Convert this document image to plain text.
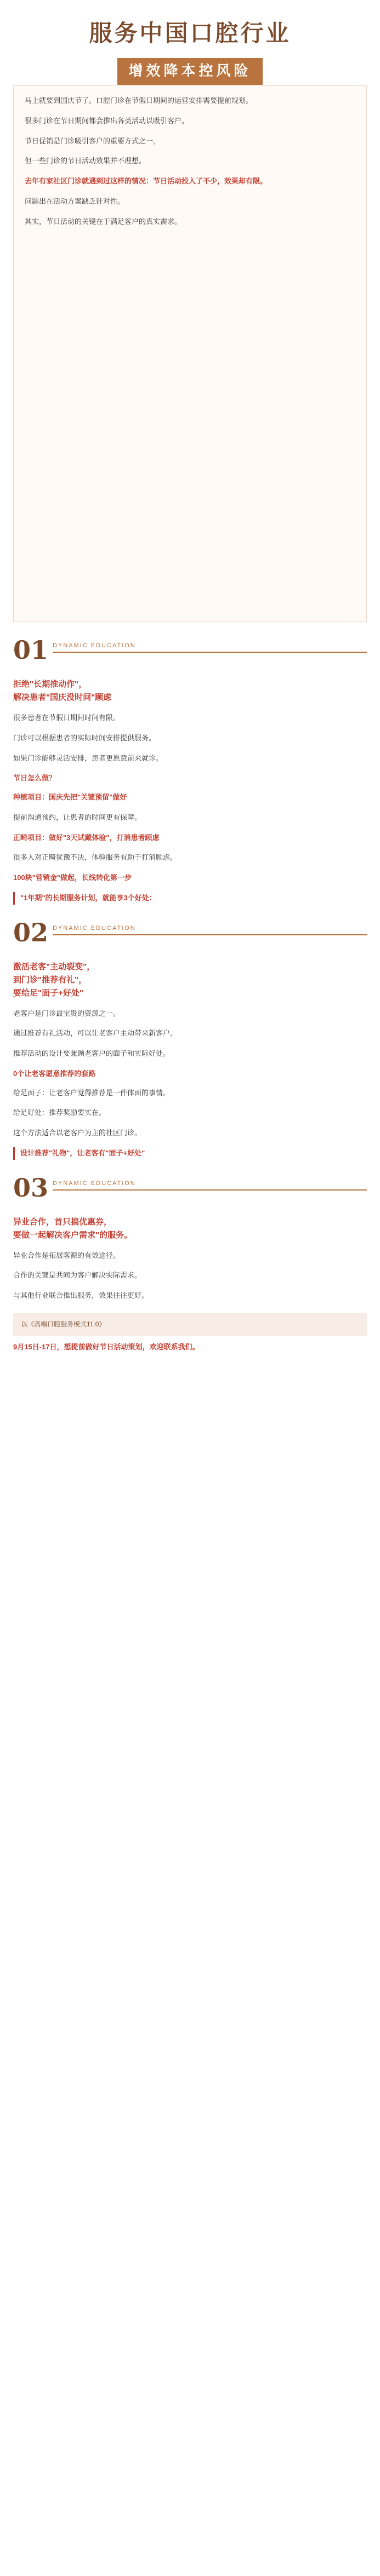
服务中国口腔行业
增效降本控风险
马上就要到国庆节了。口腔门诊在节假日期间的运营安排需要提前规划。
很多门诊在节日期间都会推出各类活动以吸引客户。
节日促销是门诊吸引客户的重要方式之一。
但一些门诊的节日活动效果并不理想。
去年有家社区门诊就遇到过这样的情况：节日活动投入了不少，效果却有限。
问题出在活动方案缺乏针对性。
其实，节日活动的关键在于满足客户的真实需求。
01 DYNAMIC EDUCATION
拒绝"长期推动作"，
解决患者"国庆没时间"顾虑
很多患者在节假日期间时间有限。
门诊可以根据患者的实际时间安排提供服务。
如果门诊能够灵活安排，患者更愿意前来就诊。
节日怎么做？
种植项目：国庆先把"关键预留"做好
提前沟通预约，让患者的时间更有保障。
正畸项目：做好"3天试戴体验"，打消患者顾虑
很多人对正畸犹豫不决，体验服务有助于打消顾虑。
100块"营销金"做起，长线转化第一步
"1年期"的长期服务计划，就能享3个好处：
02 DYNAMIC EDUCATION
激活老客"主动裂变"，
到门诊"推荐有礼"，
要给足"面子+好处"
老客户是门诊最宝贵的资源之一。
通过推荐有礼活动，可以让老客户主动带来新客户。
推荐活动的设计要兼顾老客户的面子和实际好处。
0个让老客愿意推荐的套路
给足面子：让老客户觉得推荐是一件体面的事情。
给足好处：推荐奖励要实在。
这个方法适合以老客户为主的社区门诊。
设计推荐"礼物"，让老客有"面子+好处"
03 DYNAMIC EDUCATION
异业合作，首只搞优惠券，
要做一起解决客户需求"的服务。
异业合作是拓展客源的有效途径。
合作的关键是共同为客户解决实际需求。
与其他行业联合推出服务，效果往往更好。
以《高端口腔服务模式11.0》
9月15日-17日，想提前做好节日活动策划，欢迎联系我们。
